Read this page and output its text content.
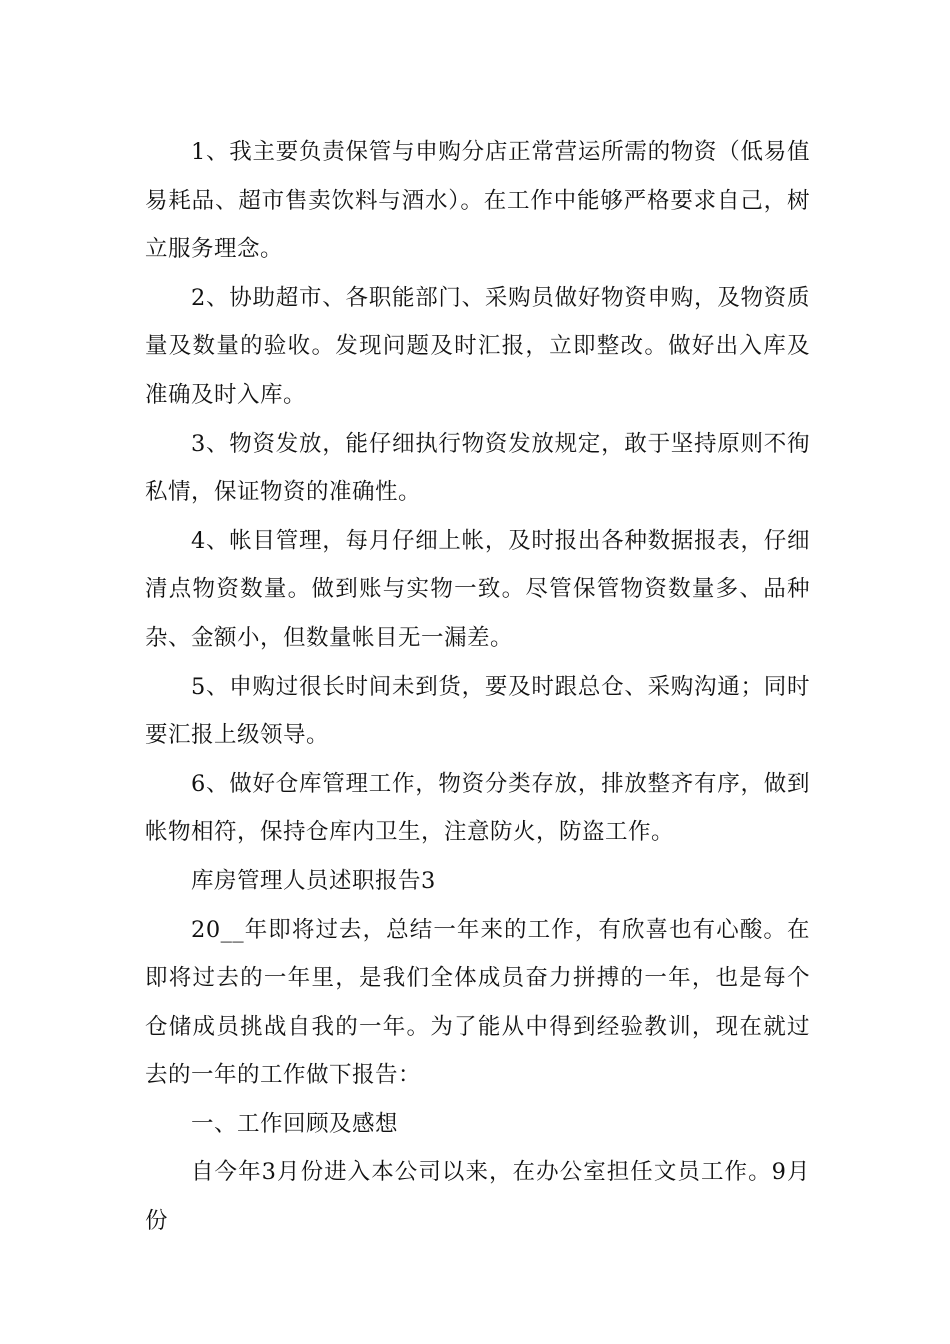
1、我主要负责保管与申购分店正常营运所需的物资（低易值易耗品、超市售卖饮料与酒水）。在工作中能够严格要求自己，树立服务理念。

2、协助超市、各职能部门、采购员做好物资申购，及物资质量及数量的验收。发现问题及时汇报，立即整改。做好出入库及准确及时入库。

3、物资发放，能仔细执行物资发放规定，敢于坚持原则不徇私情，保证物资的准确性。

4、帐目管理，每月仔细上帐，及时报出各种数据报表，仔细清点物资数量。做到账与实物一致。尽管保管物资数量多、品种杂、金额小，但数量帐目无一漏差。

5、申购过很长时间未到货，要及时跟总仓、采购沟通；同时要汇报上级领导。

6、做好仓库管理工作，物资分类存放，排放整齐有序，做到帐物相符，保持仓库内卫生，注意防火，防盗工作。

库房管理人员述职报告3

20__年即将过去，总结一年来的工作，有欣喜也有心酸。在即将过去的一年里，是我们全体成员奋力拼搏的一年，也是每个仓储成员挑战自我的一年。为了能从中得到经验教训，现在就过去的一年的工作做下报告：

一、工作回顾及感想

自今年3月份进入本公司以来，在办公室担任文员工作。9月份
